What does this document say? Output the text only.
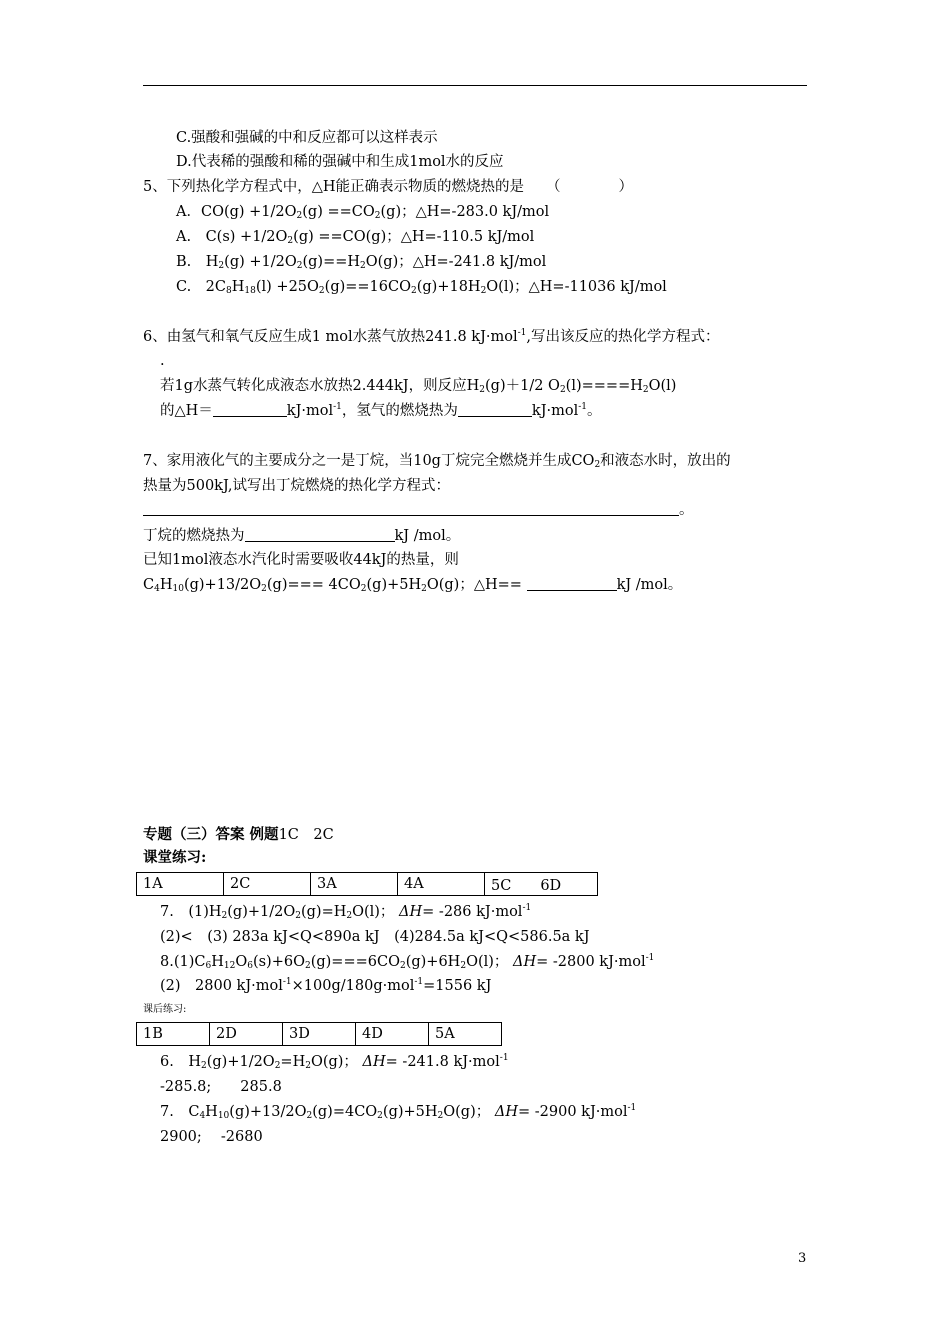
C.强酸和强碱的中和反应都可以这样表示
D.代表稀的强酸和稀的强碱中和生成1mol水的反应
5、下列热化学方程式中，△H能正确表示物质的燃烧热的是 （　　　　）
A．$CO(g) +1/2O_2(g) ==CO_2(g)$；△H=-283.0 kJ/mol
A.　$C(s) +1/2O_2(g) ==CO(g)$；△H=-110.5 kJ/mol
B.　$H_2(g) +1/2O_2(g)==H_2O(g)$；△H=-241.8 kJ/mol
C.　$2C_8H_{18}(l) +25O_2(g)==16CO_2(g)+18H_2O(l)$；△H=-11036 kJ/mol
6、由氢气和氧气反应生成1 mol水蒸气放热241.8 kJ·mol$^{-1}$,写出该反应的热化学方程式：
.
若1g水蒸气转化成液态水放热2.444kJ，则反应$H_2(g)+1/2$ $O_2(l)====H_2O(l)$
的△H＝	kJ·mol$^{-1}$，氢气的燃烧热为	kJ·mol$^{-1}$。
7、家用液化气的主要成分之一是丁烷，当10g丁烷完全燃烧并生成$CO_2$和液态水时，放出的
热量为500kJ,试写出丁烷燃烧的热化学方程式：
。
丁烷的燃烧热为	kJ /mol。
已知1mol液态水汽化时需要吸收44kJ的热量，则
$C_4H_{10}(g)+13/2O_2(g)=== 4CO_2(g)+5H_2O(g)$；△H==	kJ /mol。
专题（三）答案 例题1C　2C
课堂练习:
1A	2C	3A	4A	5C　　6D
7.　$(1)H_2(g)+1/2O_2(g)=H_2O(l)$； ΔH= -286 kJ·mol$^{-1}$
(2)<　(3) 283a kJ<Q<890a kJ　(4)284.5a kJ<Q<586.5a kJ
$8.(1)C_6H_{12}O_6(s)+6O_2(g)===6CO_2(g)+6H_2O(l)$； ΔH= -2800 kJ·mol$^{-1}$
(2)　2800 kJ·mol$^{-1}$×100g/180g·mol$^{-1}$=1556 kJ
课后练习:
1B	2D	3D	4D	5A
6.　$H_2(g)+1/2O_2=H_2O(g)$； ΔH= -241.8 kJ·mol$^{-1}$
-285.8;　　285.8
7.　$C_4H_{10}(g)+13/2O_2(g)=4CO_2(g)+5H_2O(g)$； ΔH= -2900 kJ·mol$^{-1}$
2900;　 -2680
3
